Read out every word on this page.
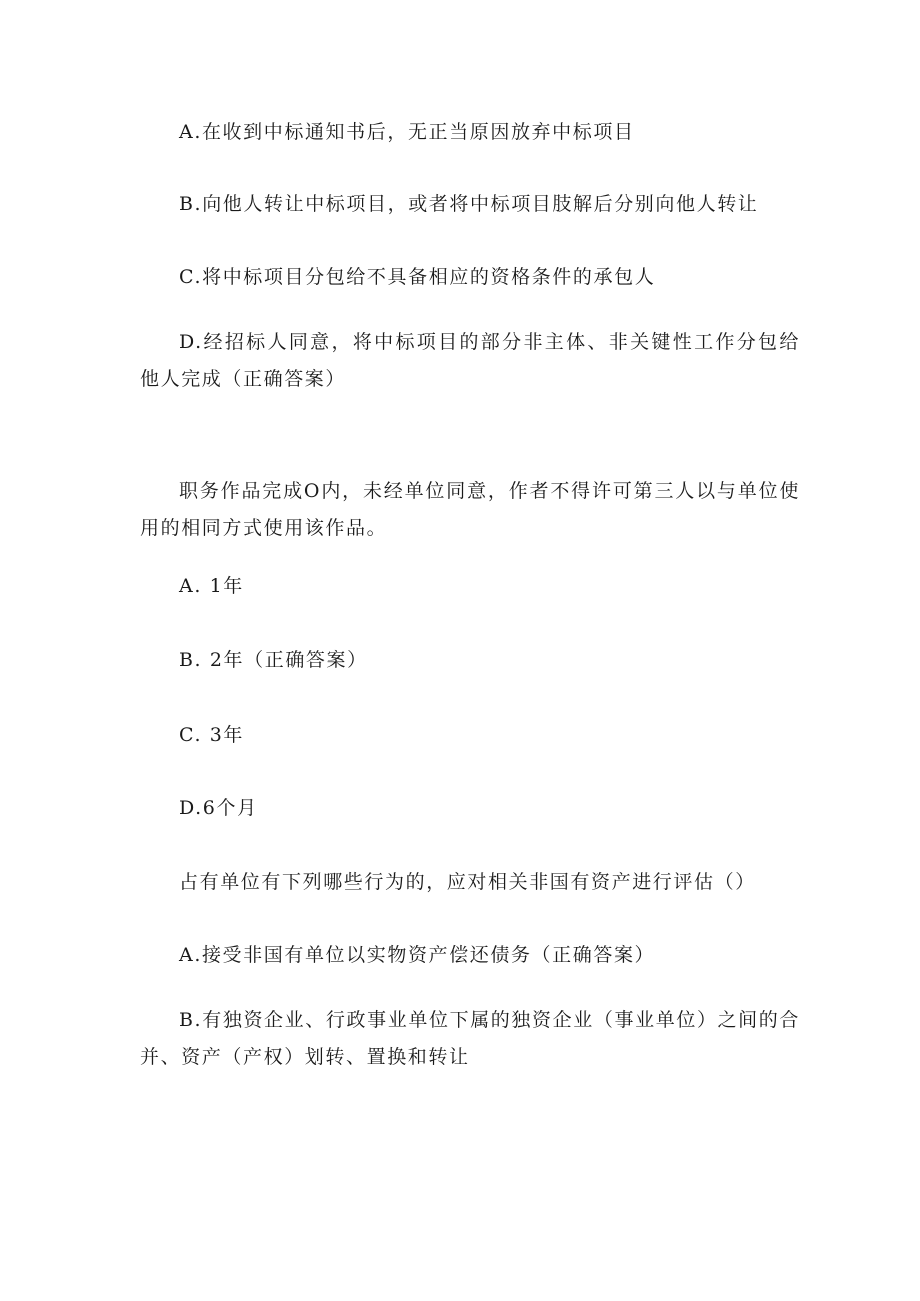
A.在收到中标通知书后，无正当原因放弃中标项目
B.向他人转让中标项目，或者将中标项目肢解后分别向他人转让
C.将中标项目分包给不具备相应的资格条件的承包人
D.经招标人同意，将中标项目的部分非主体、非关键性工作分包给他人完成（正确答案）
职务作品完成O内，未经单位同意，作者不得许可第三人以与单位使用的相同方式使用该作品。
A. 1年
B. 2年（正确答案）
C. 3年
D.6个月
占有单位有下列哪些行为的，应对相关非国有资产进行评估（）
A.接受非国有单位以实物资产偿还债务（正确答案）
B.有独资企业、行政事业单位下属的独资企业（事业单位）之间的合并、资产（产权）划转、置换和转让
